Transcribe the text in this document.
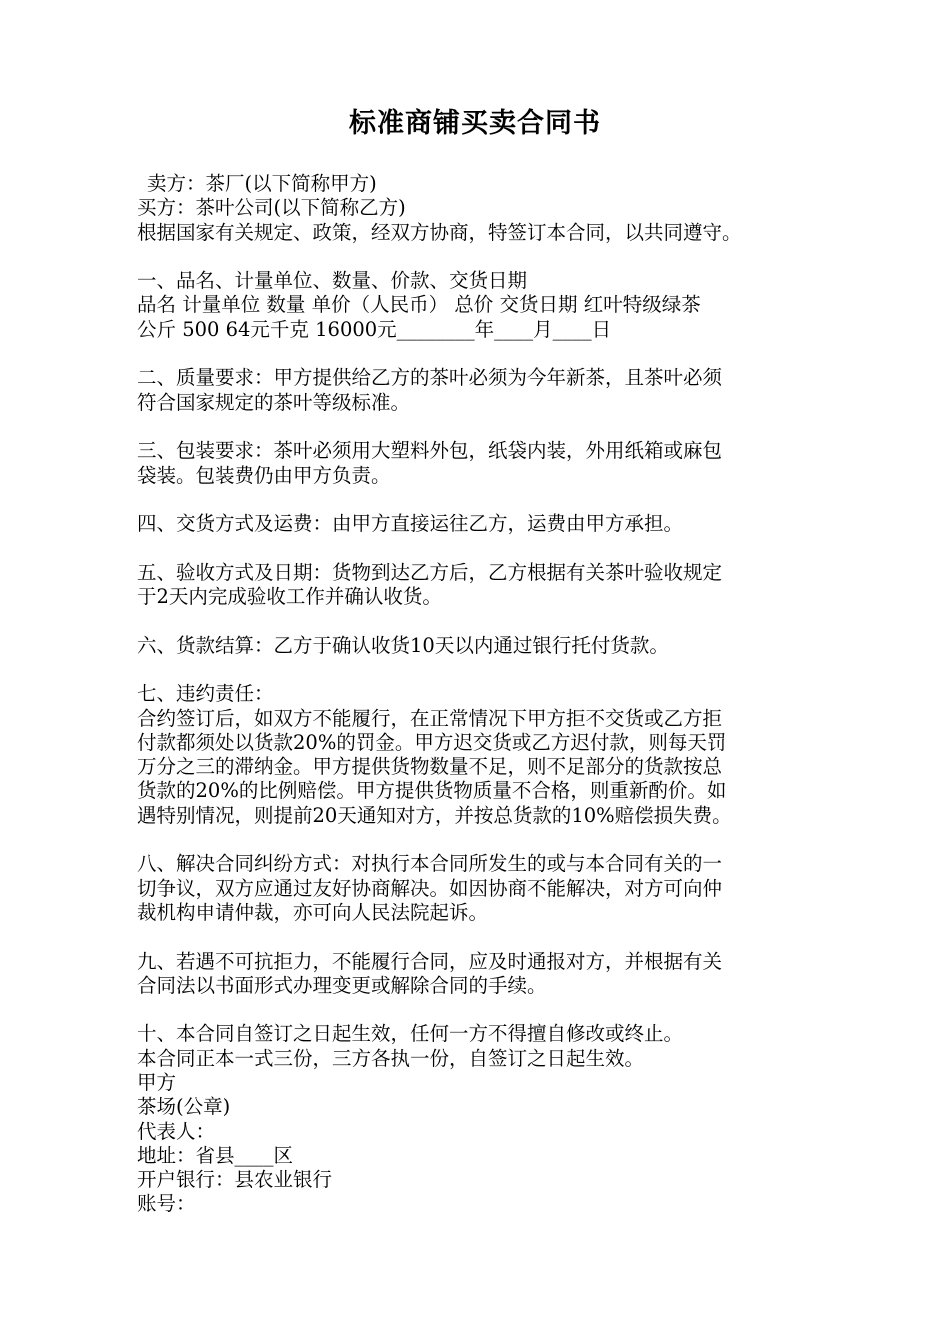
标准商铺买卖合同书
卖方：茶厂(以下简称甲方)
买方：茶叶公司(以下简称乙方)
根据国家有关规定、政策，经双方协商，特签订本合同，以共同遵守。
一、品名、计量单位、数量、价款、交货日期
品名 计量单位 数量 单价（人民币） 总价 交货日期 红叶特级绿茶
公斤 500 64元千克 16000元________年____月____日
二、质量要求：甲方提供给乙方的茶叶必须为今年新茶，且茶叶必须
符合国家规定的茶叶等级标准。
三、包装要求：茶叶必须用大塑料外包，纸袋内装，外用纸箱或麻包
袋装。包装费仍由甲方负责。
四、交货方式及运费：由甲方直接运往乙方，运费由甲方承担。
五、验收方式及日期：货物到达乙方后，乙方根据有关茶叶验收规定
于2天内完成验收工作并确认收货。
六、货款结算：乙方于确认收货10天以内通过银行托付货款。
七、违约责任：
合约签订后，如双方不能履行，在正常情况下甲方拒不交货或乙方拒
付款都须处以货款20%的罚金。甲方迟交货或乙方迟付款，则每天罚
万分之三的滞纳金。甲方提供货物数量不足，则不足部分的货款按总
货款的20%的比例赔偿。甲方提供货物质量不合格，则重新酌价。如
遇特别情况，则提前20天通知对方，并按总货款的10%赔偿损失费。
八、解决合同纠纷方式：对执行本合同所发生的或与本合同有关的一
切争议，双方应通过友好协商解决。如因协商不能解决，对方可向仲
裁机构申请仲裁，亦可向人民法院起诉。
九、若遇不可抗拒力，不能履行合同，应及时通报对方，并根据有关
合同法以书面形式办理变更或解除合同的手续。
十、本合同自签订之日起生效，任何一方不得擅自修改或终止。
本合同正本一式三份，三方各执一份，自签订之日起生效。
甲方
茶场(公章)
代表人：
地址：省县____区
开户银行：县农业银行
账号：
